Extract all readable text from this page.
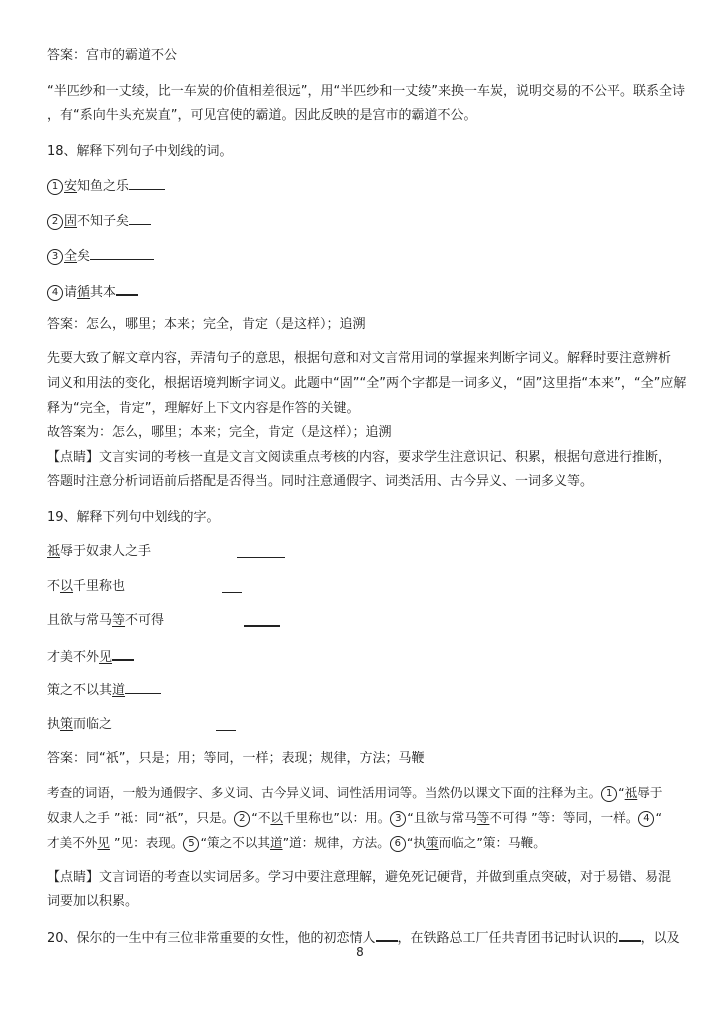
答案：宫市的霸道不公
“半匹纱和一丈绫，比一车炭的价值相差很远”，用“半匹纱和一丈绫”来换一车炭，说明交易的不公平。联系全诗
，有“系向牛头充炭直”，可见宫使的霸道。因此反映的是宫市的霸道不公。
18、解释下列句子中划线的词。
1 安知鱼之乐
2 固不知子矣
3 全矣
4 请循其本
答案：怎么，哪里；本来；完全，肯定（是这样）；追溯
先要大致了解文章内容，弄清句子的意思，根据句意和对文言常用词的掌握来判断字词义。解释时要注意辨析
词义和用法的变化，根据语境判断字词义。此题中“固”“全”两个字都是一词多义，“固”这里指“本来”，“全”应解
释为“完全，肯定”，理解好上下文内容是作答的关键。
故答案为：怎么，哪里；本来；完全，肯定（是这样）；追溯
【点睛】文言实词的考核一直是文言文阅读重点考核的内容，要求学生注意识记、积累，根据句意进行推断，
答题时注意分析词语前后搭配是否得当。同时注意通假字、词类活用、古今异义、一词多义等。
19、解释下列句中划线的字。
祗辱于奴隶人之手
不以千里称也
且欲与常马等不可得
才美不外见
策之不以其道
执策而临之
答案：同“祇”，只是；用；等同，一样；表现；规律，方法；马鞭
考查的词语，一般为通假字、多义词、古今异义词、词性活用词等。当然仍以课文下面的注释为主。 1 “祗辱于
奴隶人之手 ”祗：同“祇”，只是。 2 “不以千里称也”以：用。 3 “且欲与常马等不可得 ”等：等同，一样。 4 “
才美不外见 ”见：表现。 5 “策之不以其道”道：规律，方法。 6 “执策而临之”策：马鞭。
【点睛】文言词语的考查以实词居多。学习中要注意理解，避免死记硬背，并做到重点突破，对于易错、易混
词要加以积累。
20、保尔的一生中有三位非常重要的女性，他的初恋情人 ，在铁路总工厂任共青团书记时认识的 ，以及
8
